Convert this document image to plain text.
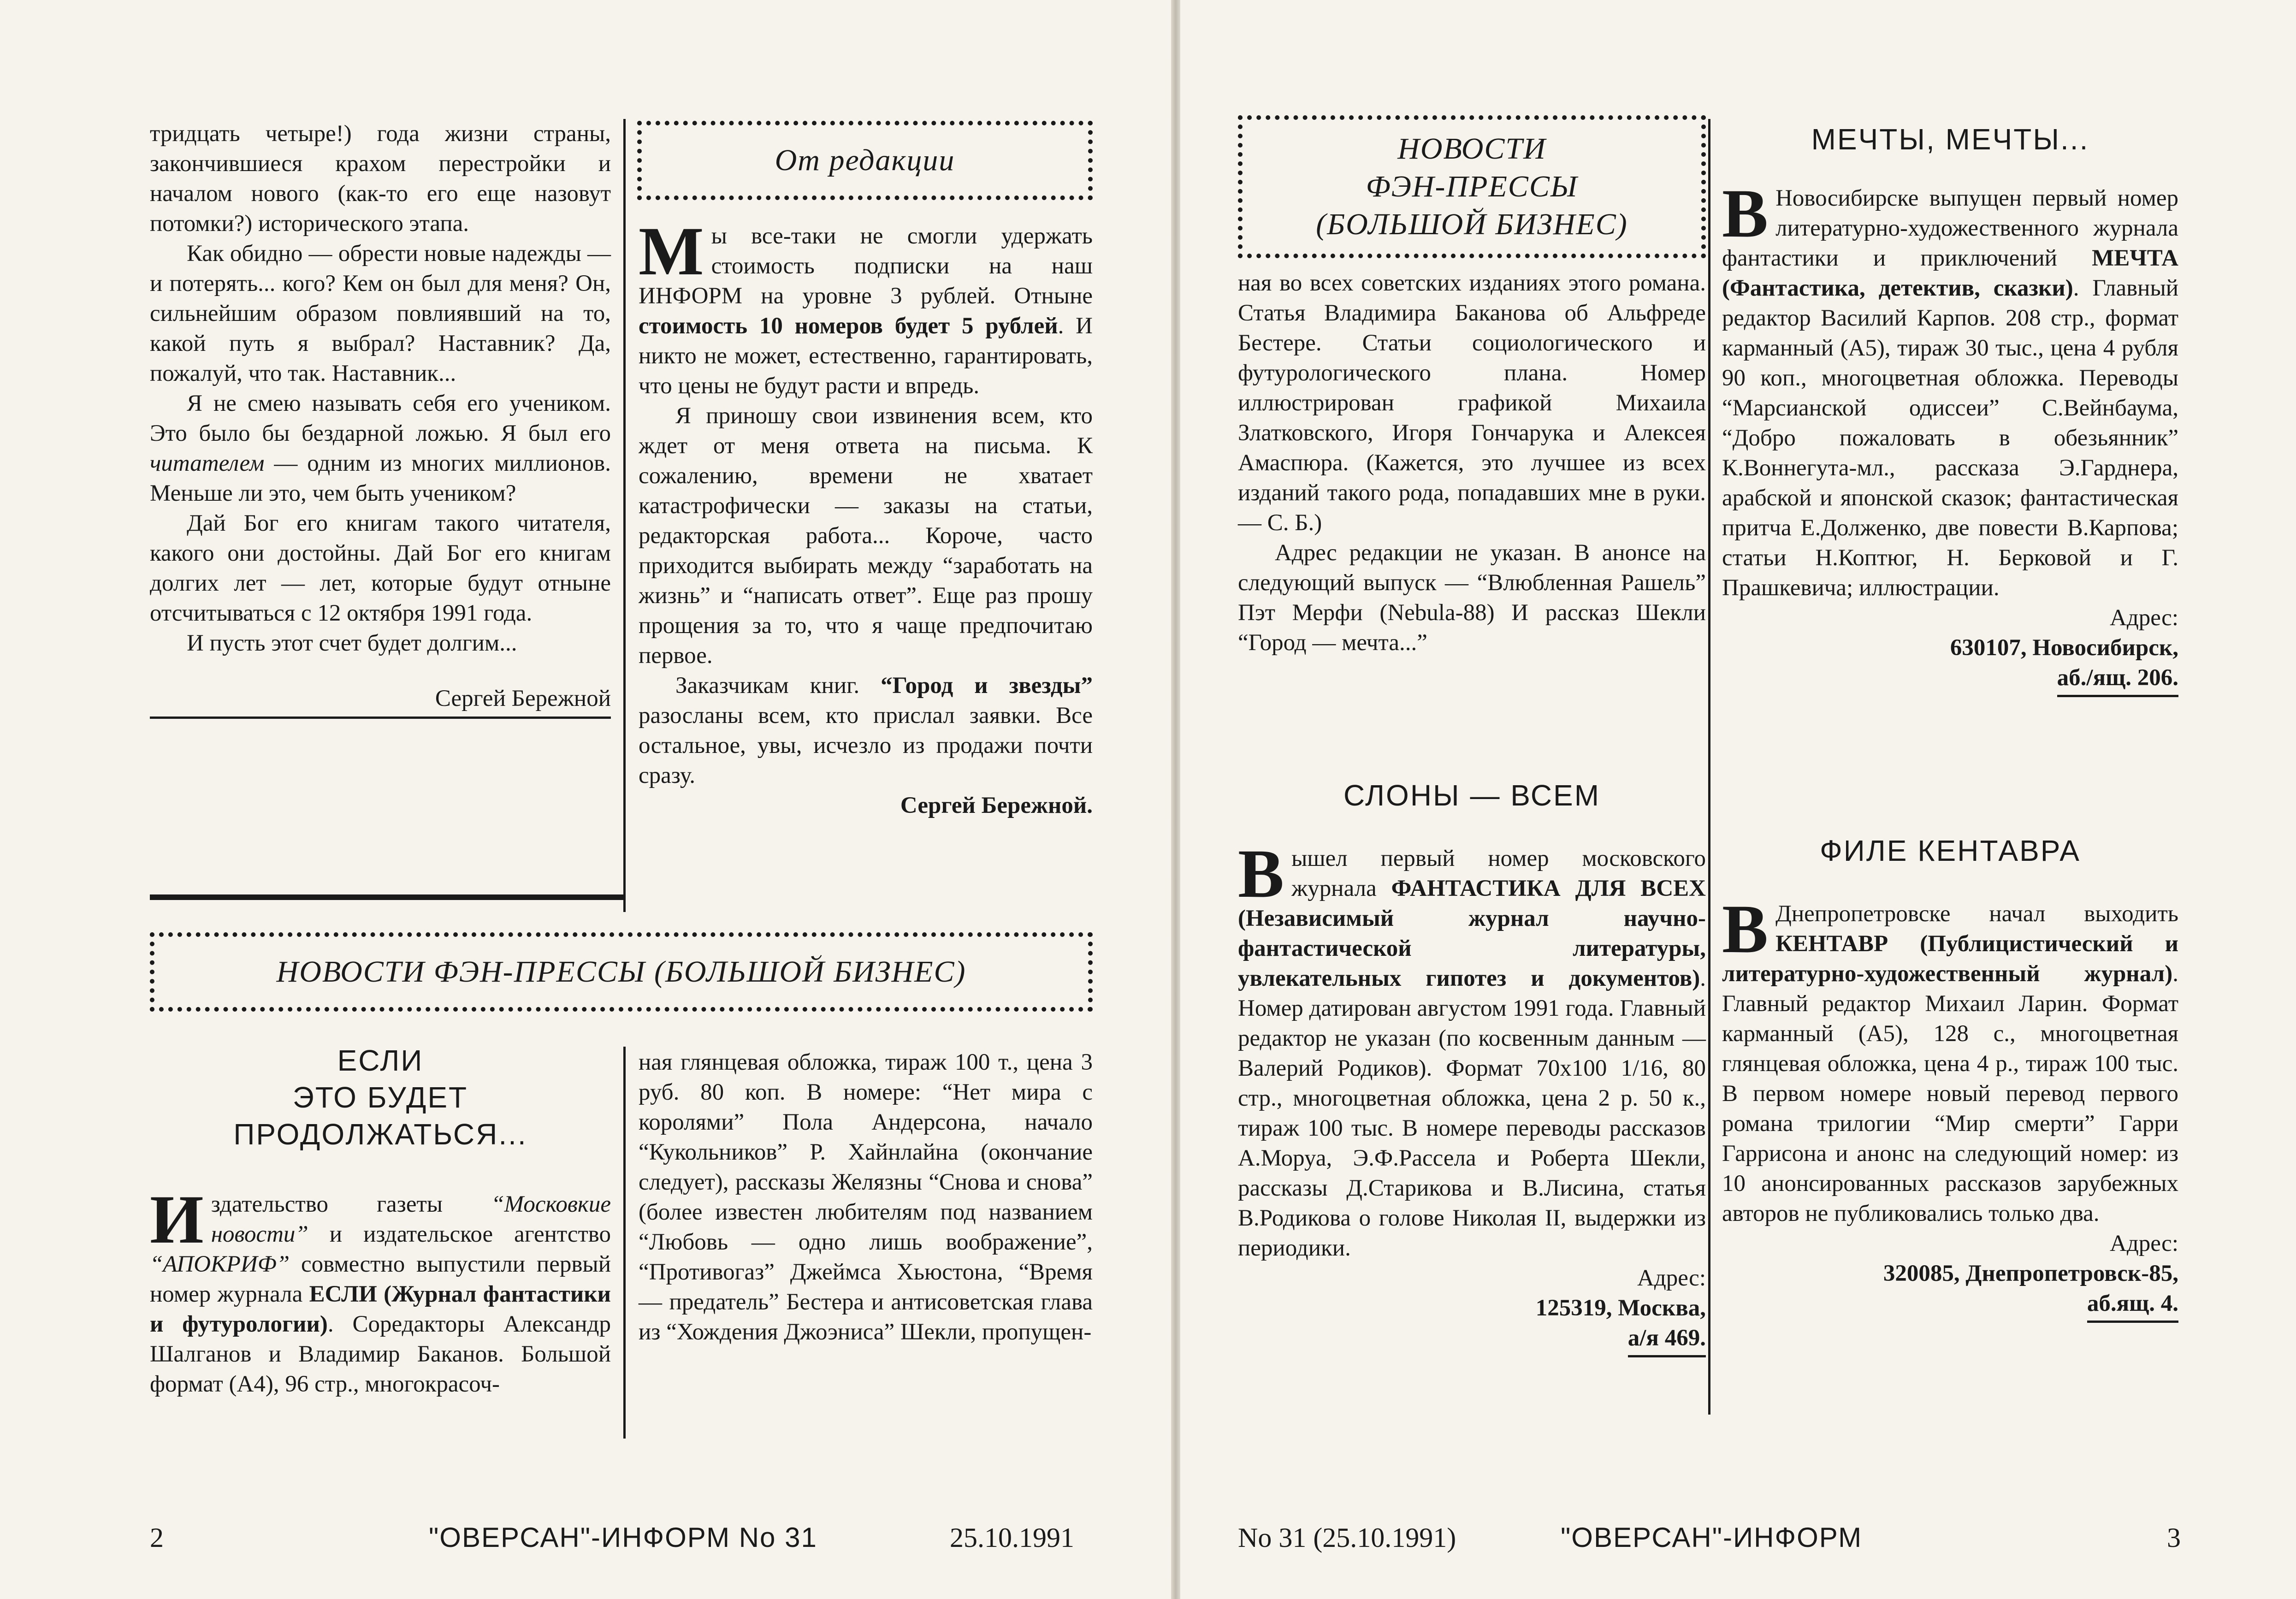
тридцать четыре!) года жизни страны, закончившиеся крахом перестройки и началом нового (как-то его еще назовут потомки?) исторического этапа.

Как обидно — обрести новые надежды — и потерять... кого? Кем он был для меня? Он, сильнейшим образом повлиявший на то, какой путь я выбрал? Наставник? Да, пожалуй, что так. Наставник...

Я не смею называть себя его учеником. Это было бы бездарной ложью. Я был его читателем — одним из многих миллионов. Меньше ли это, чем быть учеником?

Дай Бог его книгам такого читателя, какого они достойны. Дай Бог его книгам долгих лет — лет, которые будут отныне отсчитываться с 12 октября 1991 года.

И пусть этот счет будет долгим...

Сергей Бережной
От редакции

Мы все-таки не смогли удержать стоимость подписки на наш ИНФОРМ на уровне 3 рублей. Отныне стоимость 10 номеров будет 5 рублей. И никто не может, естественно, гарантировать, что цены не будут расти и впредь.

Я приношу свои извинения всем, кто ждет от меня ответа на письма. К сожалению, времени не хватает катастрофически — заказы на статьи, редакторская работа... Короче, часто приходится выбирать между “заработать на жизнь” и “написать ответ”. Еще раз прошу прощения за то, что я чаще предпочитаю первое.

Заказчикам книг. “Город и звезды” разосланы всем, кто прислал заявки. Все остальное, увы, исчезло из продажи почти сразу.

Сергей Бережной.
НОВОСТИ ФЭН-ПРЕССЫ (БОЛЬШОЙ БИЗНЕС)
ЕСЛИ
ЭТО БУДЕТ
ПРОДОЛЖАТЬСЯ...

Издательство газеты “Московкие новости” и издательское агентство “АПОКРИФ” совместно выпустили первый номер журнала ЕСЛИ (Журнал фантастики и футурологии). Соредакторы Александр Шалганов и Владимир Баканов. Большой формат (А4), 96 стр., многокрасоч-

ная глянцевая обложка, тираж 100 т., цена 3 руб. 80 коп. В номере: “Нет мира с королями” Пола Андерсона, начало “Кукольников” Р. Хайнлайна (окончание следует), рассказы Желязны “Снова и снова” (более известен любителям под названием “Любовь — одно лишь воображение”, “Противогаз” Джеймса Хьюстона, “Время — предатель” Бестера и антисоветская глава из “Хождения Джоэниса” Шекли, пропущен-

2	"ОВЕРСАН"-ИНФОРМ No 31	25.10.1991
НОВОСТИ
ФЭН-ПРЕССЫ
(БОЛЬШОЙ БИЗНЕС)

ная во всех советских изданиях этого романа. Статья Владимира Баканова об Альфреде Бестере. Статьи социологического и футурологического плана. Номер иллюстрирован графикой Михаила Златковского, Игоря Гончарука и Алексея Амаспюра. (Кажется, это лучшее из всех изданий такого рода, попадавших мне в руки. — С. Б.)

Адрес редакции не указан. В анонсе на следующий выпуск — “Влюбленная Рашель” Пэт Мерфи (Nebula-88) И рассказ Шекли “Город — мечта...”

СЛОНЫ — ВСЕМ

Вышел первый номер московского журнала ФАНТАСТИКА ДЛЯ ВСЕХ (Независимый журнал научно-фантастической литературы, увлекательных гипотез и документов). Номер датирован августом 1991 года. Главный редактор не указан (по косвенным данным — Валерий Родиков). Формат 70х100 1/16, 80 стр., многоцветная обложка, цена 2 р. 50 к., тираж 100 тыс. В номере переводы рассказов А.Моруа, Э.Ф.Рассела и Роберта Шекли, рассказы Д.Старикова и В.Лисина, статья В.Родикова о голове Николая II, выдержки из периодики.

Адрес:
125319, Москва,
а/я 469.
МЕЧТЫ, МЕЧТЫ...

В Новосибирске выпущен первый номер литературно-художественного журнала фантастики и приключений МЕЧТА (Фантастика, детектив, сказки). Главный редактор Василий Карпов. 208 стр., формат карманный (А5), тираж 30 тыс., цена 4 рубля 90 коп., многоцветная обложка. Переводы “Марсианской одиссеи” С.Вейнбаума, “Добро пожаловать в обезьянник” К.Воннегута-мл., рассказа Э.Гарднера, арабской и японской сказок; фантастическая притча Е.Долженко, две повести В.Карпова; статьи Н.Коптюг, Н. Берковой и Г. Прашкевича; иллюстрации.

Адрес:
630107, Новосибирск,
аб./ящ. 206.
ФИЛЕ КЕНТАВРА

В Днепропетровске начал выходить КЕНТАВР (Публицистический и литературно-художественный журнал). Главный редактор Михаил Ларин. Формат карманный (А5), 128 с., многоцветная глянцевая обложка, цена 4 р., тираж 100 тыс. В первом номере новый перевод первого романа трилогии “Мир смерти” Гарри Гаррисона и анонс на следующий номер: из 10 анонсированных рассказов зарубежных авторов не публиковались только два.

Адрес:
320085, Днепропетровск-85,
аб.ящ. 4.
No 31 (25.10.1991)	"ОВЕРСАН"-ИНФОРМ	3
